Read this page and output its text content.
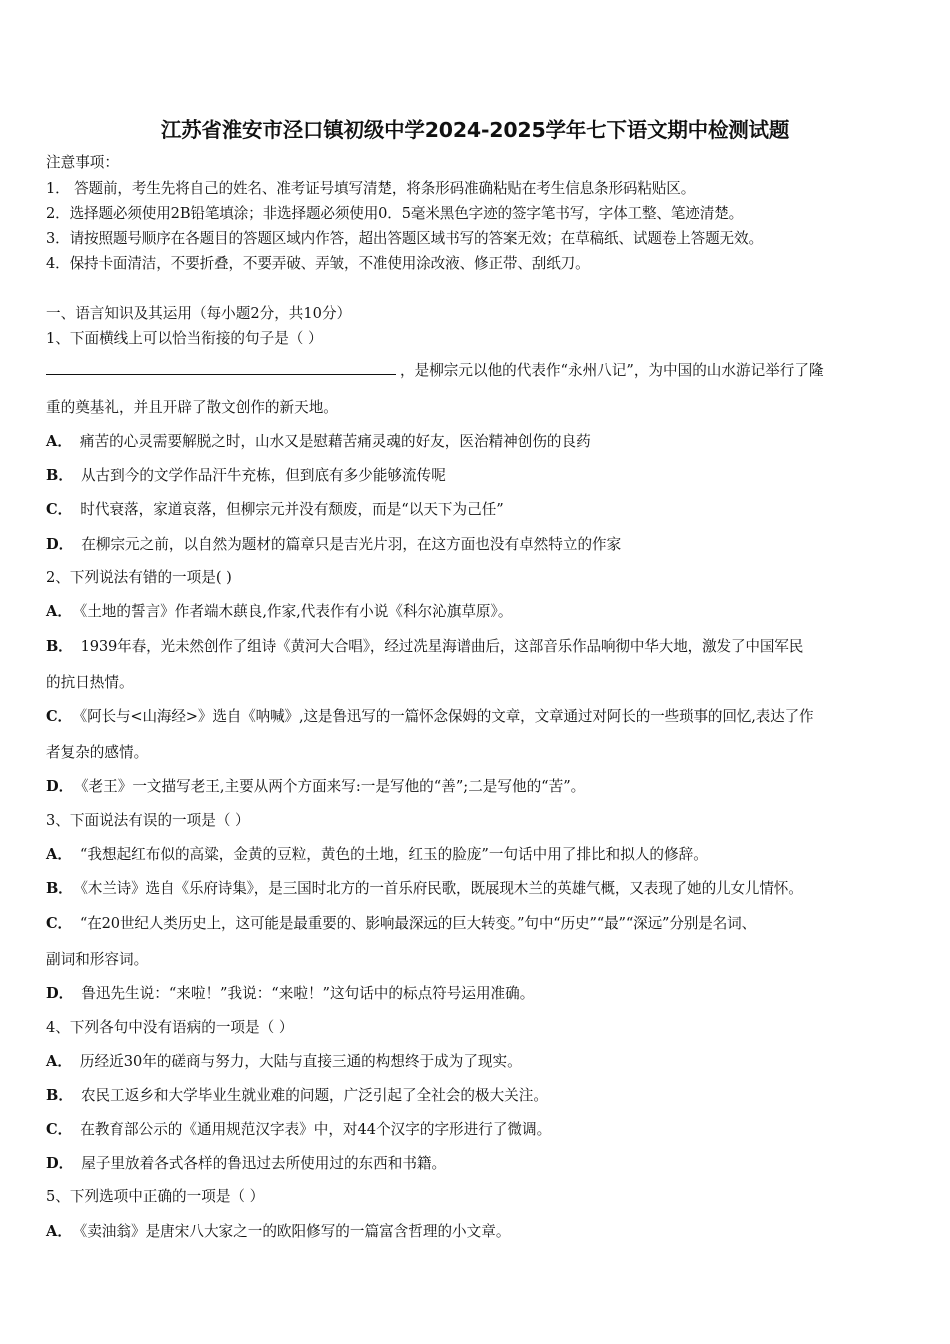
江苏省淮安市泾口镇初级中学2024-2025学年七下语文期中检测试题
注意事项：
1． 答题前，考生先将自己的姓名、准考证号填写清楚，将条形码准确粘贴在考生信息条形码粘贴区。
2．选择题必须使用2B铅笔填涂；非选择题必须使用0．5毫米黑色字迹的签字笔书写，字体工整、笔迹清楚。
3．请按照题号顺序在各题目的答题区域内作答，超出答题区域书写的答案无效；在草稿纸、试题卷上答题无效。
4．保持卡面清洁，不要折叠，不要弄破、弄皱，不准使用涂改液、修正带、刮纸刀。
一、语言知识及其运用（每小题2分，共10分）
1、下面横线上可以恰当衔接的句子是（ ）
，是柳宗元以他的代表作“永州八记”，为中国的山水游记举行了隆
重的奠基礼，并且开辟了散文创作的新天地。
A． 痛苦的心灵需要解脱之时，山水又是慰藉苦痛灵魂的好友，医治精神创伤的良药
B． 从古到今的文学作品汗牛充栋，但到底有多少能够流传呢
C． 时代衰落，家道哀落，但柳宗元并没有颓废，而是“以天下为己任”
D． 在柳宗元之前，以自然为题材的篇章只是吉光片羽，在这方面也没有卓然特立的作家
2、下列说法有错的一项是( )
A． 《土地的誓言》作者端木蕻良,作家,代表作有小说《科尔沁旗草原》。
B． 1939年春，光未然创作了组诗《黄河大合唱》，经过冼星海谱曲后，这部音乐作品响彻中华大地，激发了中国军民
的抗日热情。
C． 《阿长与<山海经>》选自《呐喊》,这是鲁迅写的一篇怀念保姆的文章，文章通过对阿长的一些琐事的回忆,表达了作
者复杂的感情。
D． 《老王》一文描写老王,主要从两个方面来写:一是写他的“善”;二是写他的“苦”。
3、下面说法有误的一项是（ ）
A． “我想起红布似的高粱，金黄的豆粒，黄色的土地，红玉的脸庞”一句话中用了排比和拟人的修辞。
B． 《木兰诗》选自《乐府诗集》，是三国时北方的一首乐府民歌，既展现木兰的英雄气概，又表现了她的儿女儿情怀。
C． “在20世纪人类历史上，这可能是最重要的、影响最深远的巨大转变。”句中“历史”“最”“深远”分别是名词、
副词和形容词。
D． 鲁迅先生说：“来啦！”我说：“来啦！”这句话中的标点符号运用准确。
4、下列各句中没有语病的一项是（ ）
A． 历经近30年的磋商与努力，大陆与直接三通的构想终于成为了现实。
B． 农民工返乡和大学毕业生就业难的问题，广泛引起了全社会的极大关注。
C． 在教育部公示的《通用规范汉字表》中，对44个汉字的字形进行了微调。
D． 屋子里放着各式各样的鲁迅过去所使用过的东西和书籍。
5、下列选项中正确的一项是（ ）
A． 《卖油翁》是唐宋八大家之一的欧阳修写的一篇富含哲理的小文章。
